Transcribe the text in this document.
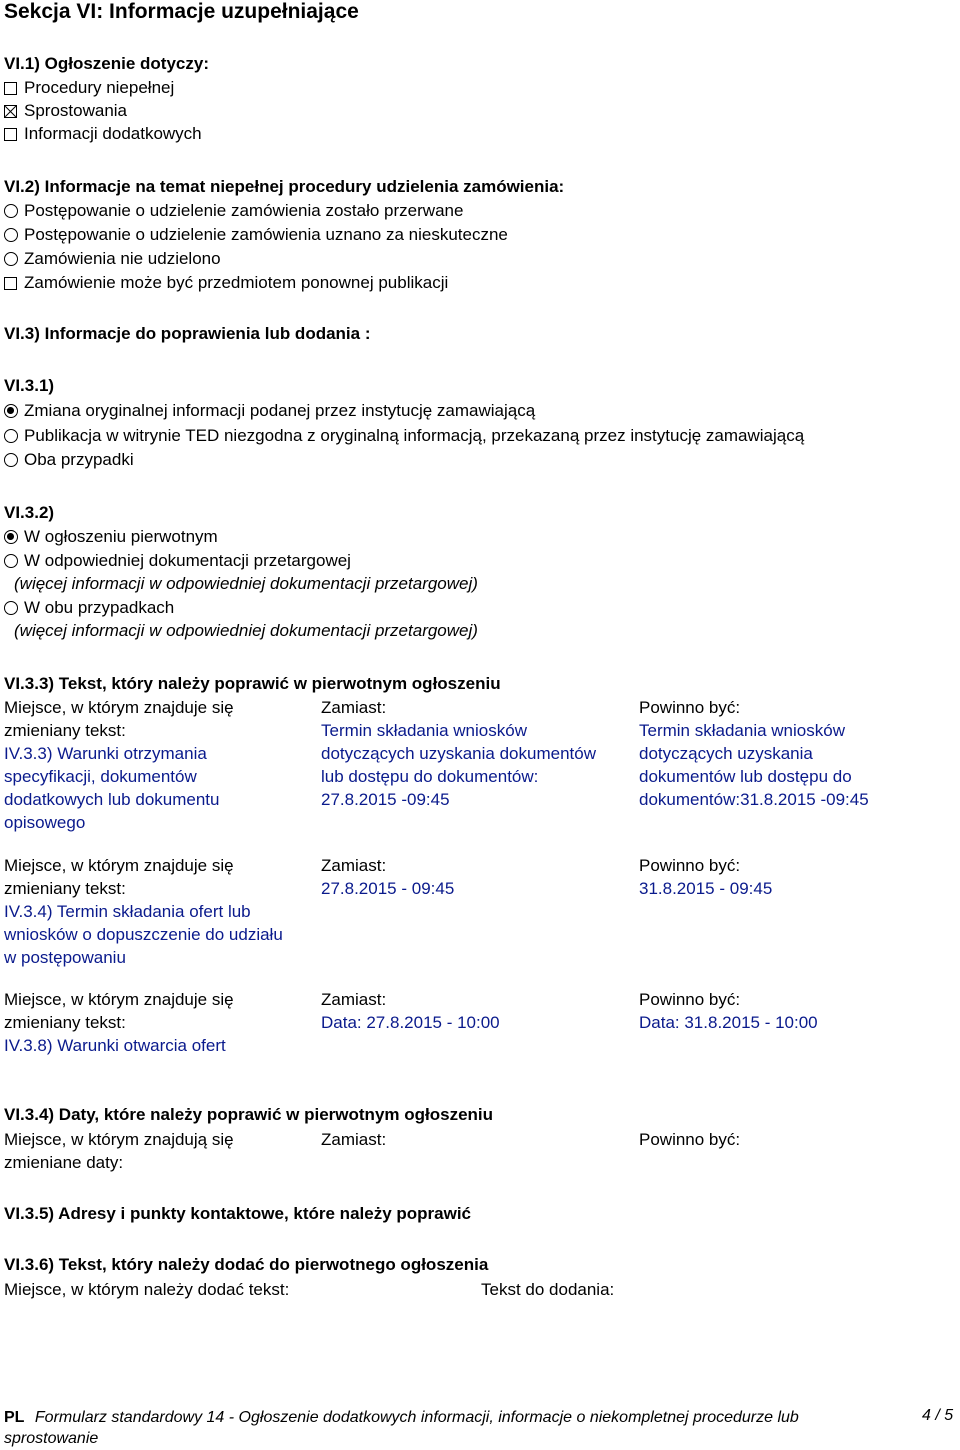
Sekcja VI: Informacje uzupełniające
VI.1) Ogłoszenie dotyczy:
Procedury niepełnej
Sprostowania
Informacji dodatkowych
VI.2) Informacje na temat niepełnej procedury udzielenia zamówienia:
Postępowanie o udzielenie zamówienia zostało przerwane
Postępowanie o udzielenie zamówienia uznano za nieskuteczne
Zamówienia nie udzielono
Zamówienie może być przedmiotem ponownej publikacji
VI.3) Informacje do poprawienia lub dodania :
VI.3.1)
Zmiana oryginalnej informacji podanej przez instytucję zamawiającą
Publikacja w witrynie TED niezgodna z oryginalną informacją, przekazaną przez instytucję zamawiającą
Oba przypadki
VI.3.2)
W ogłoszeniu pierwotnym
W odpowiedniej dokumentacji przetargowej
(więcej informacji w odpowiedniej dokumentacji przetargowej)
W obu przypadkach
(więcej informacji w odpowiedniej dokumentacji przetargowej)
VI.3.3) Tekst, który należy poprawić w pierwotnym ogłoszeniu
Miejsce, w którym znajduje się
zmieniany tekst:
IV.3.3) Warunki otrzymania
specyfikacji, dokumentów
dodatkowych lub dokumentu
opisowego
Zamiast:
Termin składania wniosków
dotyczących uzyskania dokumentów
lub dostępu do dokumentów:
27.8.2015 -09:45
Powinno być:
Termin składania wniosków
dotyczących uzyskania
dokumentów lub dostępu do
dokumentów:31.8.2015 -09:45
Miejsce, w którym znajduje się
zmieniany tekst:
IV.3.4) Termin składania ofert lub
wniosków o dopuszczenie do udziału
w postępowaniu
Zamiast:
27.8.2015 - 09:45
Powinno być:
31.8.2015 - 09:45
Miejsce, w którym znajduje się
zmieniany tekst:
IV.3.8) Warunki otwarcia ofert
Zamiast:
Data: 27.8.2015 - 10:00
Powinno być:
Data: 31.8.2015 - 10:00
VI.3.4) Daty, które należy poprawić w pierwotnym ogłoszeniu
Miejsce, w którym znajdują się
zmieniane daty:
Zamiast:	Powinno być:
VI.3.5) Adresy i punkty kontaktowe, które należy poprawić
VI.3.6) Tekst, który należy dodać do pierwotnego ogłoszenia
Miejsce, w którym należy dodać tekst:	Tekst do dodania:
PL Formularz standardowy 14 - Ogłoszenie dodatkowych informacji, informacje o niekompletnej procedurze lub
sprostowanie
4 / 5
